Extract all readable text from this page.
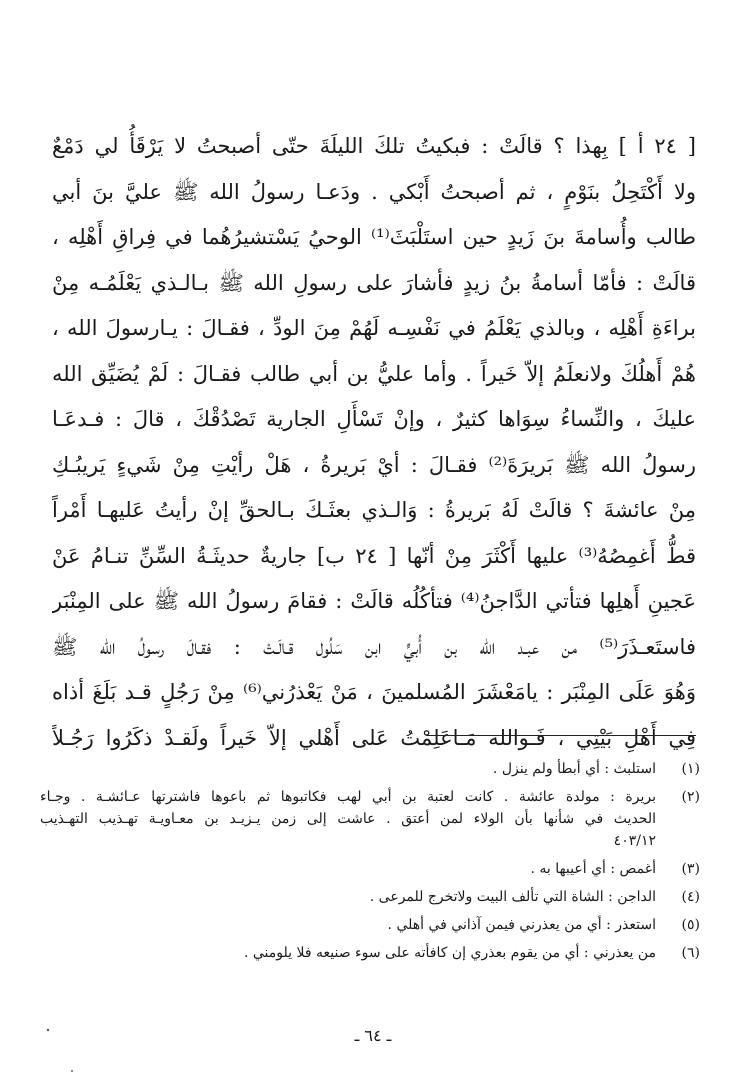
[ ٢٤ أ ] بِهذا ؟ قالَتْ : فبكيتُ تلكَ الليلَةَ حتّى أصبحتُ لا يَرْقَأُ لي دَمْعٌ
ولا أَكْتَحِلُ بنَوْمٍ ، ثم أصبحتُ أَبْكي . ودَعـا رسولُ الله ﷺ عليَّ بنَ أبي
طالب وأُسامةَ بنَ زَيدٍ حين استَلْبَثَ⁽¹⁾ الوحيُ يَسْتشيرُهُما في فِراقِ أَهْلِه ،
قالَتْ : فأمّا أسامةُ بنُ زيدٍ فأشارَ على رسولِ الله ﷺ بـالـذي يَعْلَمُـه مِنْ
براءَةِ أَهْلِه ، وبالذي يَعْلَمُ في نَفْسِـه لَهُمْ مِنَ الودِّ ، فقـالَ : يـارسولَ الله ،
هُمْ أَهلُكَ ولانعلَمُ إلاّ خَيراً . وأما عليُّ بن أبي طالب فقـالَ : لَمْ يُضَيِّق الله
عليكَ ، والنِّساءُ سِوَاها كثيرٌ ، وإنْ تَسْأَلِ الجارية تَصْدُقْكَ ، قالَ : فـدعَـا
رسولُ الله ﷺ بَريرَةَ⁽²⁾ فقـالَ : أيْ بَريرةُ ، هَلْ رأيْتِ مِنْ شَيءٍ يَريبُـكِ
مِنْ عائشةَ ؟ قالَتْ لَهُ بَريرةُ : وَالـذي بعثَـكَ بـالحقِّ إنْ رأيتُ عَليهـا أَمْراً
قطُّ أَغمِصُهُ⁽³⁾ عليها أَكْثَرَ مِنْ أنّها [ ٢٤ ب] جاريةٌ حديثَـةُ السِّنِّ تنـامُ عَنْ
عَجينِ أَهلِها فتأتي الدَّاجنُ⁽⁴⁾ فتأكُلُه قالَتْ : فقامَ رسولُ الله ﷺ على المِنْبَر
فاستَعـذَرَ⁽⁵⁾ من عبـد الله بن أُبيٍّ ابن سَلُول قـالَـتْ : فقـالَ رسولُ الله ﷺ
وَهُوَ عَلَى المِنْبَر : يامَعْشَرَ المُسلمينَ ، مَنْ يَعْذرُني⁽⁶⁾ مِنْ رَجُلٍ قـد بَلَغَ أذاه
فِي أَهْلِ بَيْتِي ، فَـوالله مَـاعَلِمْتُ عَلى أَهْلي إلاّ خَيراً ولَقـدْ ذكَرُوا رَجُـلاً
(١)
استلبث : أي أبطأ ولم ينزل .
(٢)
بريرة : مولدة عائشة . كانت لعتبة بن أبي لهب فكاتبوها ثم باعوها فاشترتها عـائشـة . وجـاء
الحديث في شأنها بأن الولاء لمن أعتق . عاشت إلى زمن يـزيـد بن معـاويـة تهـذيب التهـذيب
٤٠٣/١٢
(٣)
أغمص : أي أعيبها به .
(٤)
الداجن : الشاة التي تألف البيت ولاتخرج للمرعى .
(٥)
استعذر : أي من يعذرني فيمن آذاني في أهلي .
(٦)
من يعذرني : أي من يقوم بعذري إن كافأته على سوء صنيعه فلا يلومني .
ـ ٦٤ ـ
